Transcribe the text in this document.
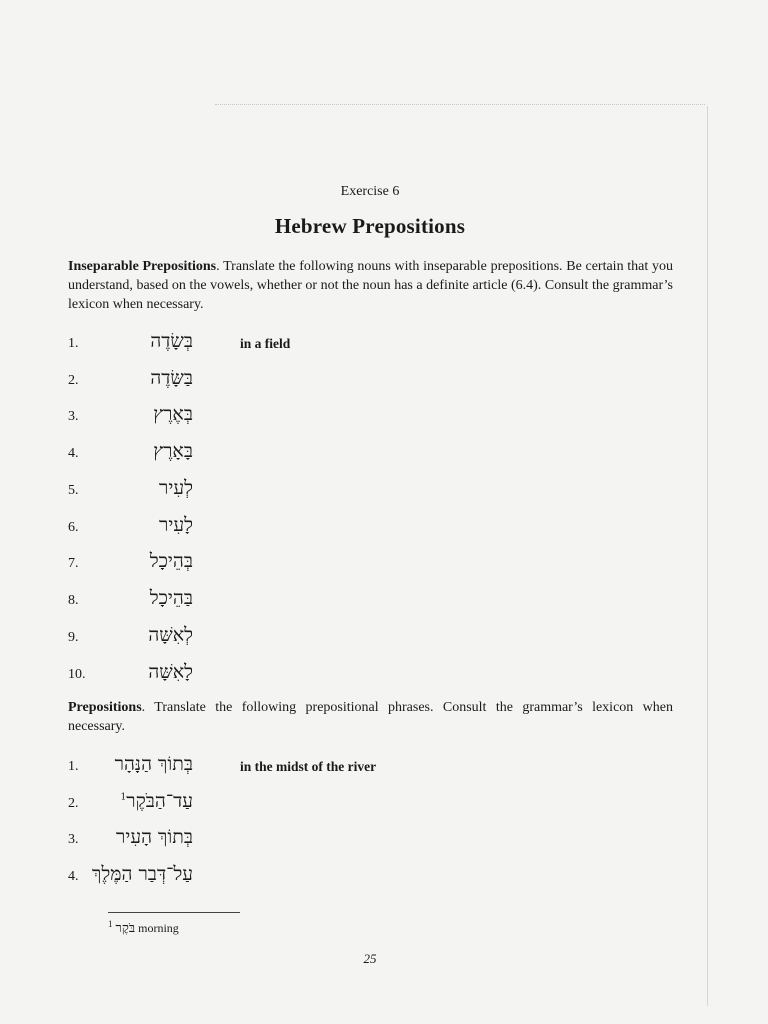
Exercise 6
Hebrew Prepositions
Inseparable Prepositions. Translate the following nouns with inseparable prepositions. Be certain that you understand, based on the vowels, whether or not the noun has a definite article (6.4). Consult the grammar’s lexicon when necessary.
1.	בְּשָׂדֶה	in a field
2.	בַּשָּׂדֶה
3.	בְּאֶרֶץ
4.	בָּאָרֶץ
5.	לְעִיר
6.	לָעִיר
7.	בְּהֵיכָל
8.	בַּהֵיכָל
9.	לְאִשָּׁה
10.	לָאִשָּׁה
Prepositions. Translate the following prepositional phrases. Consult the grammar’s lexicon when necessary.
1. בְּתוֹךְ הַנָּהָר	in the midst of the river
2.	עַד־הַבֹּקֶר$^1$
3. בְּתוֹךְ הָעִיר
4. עַל־דְּבַר הַמֶּלֶךְ
$^1$ בֹּקֶר morning
25
